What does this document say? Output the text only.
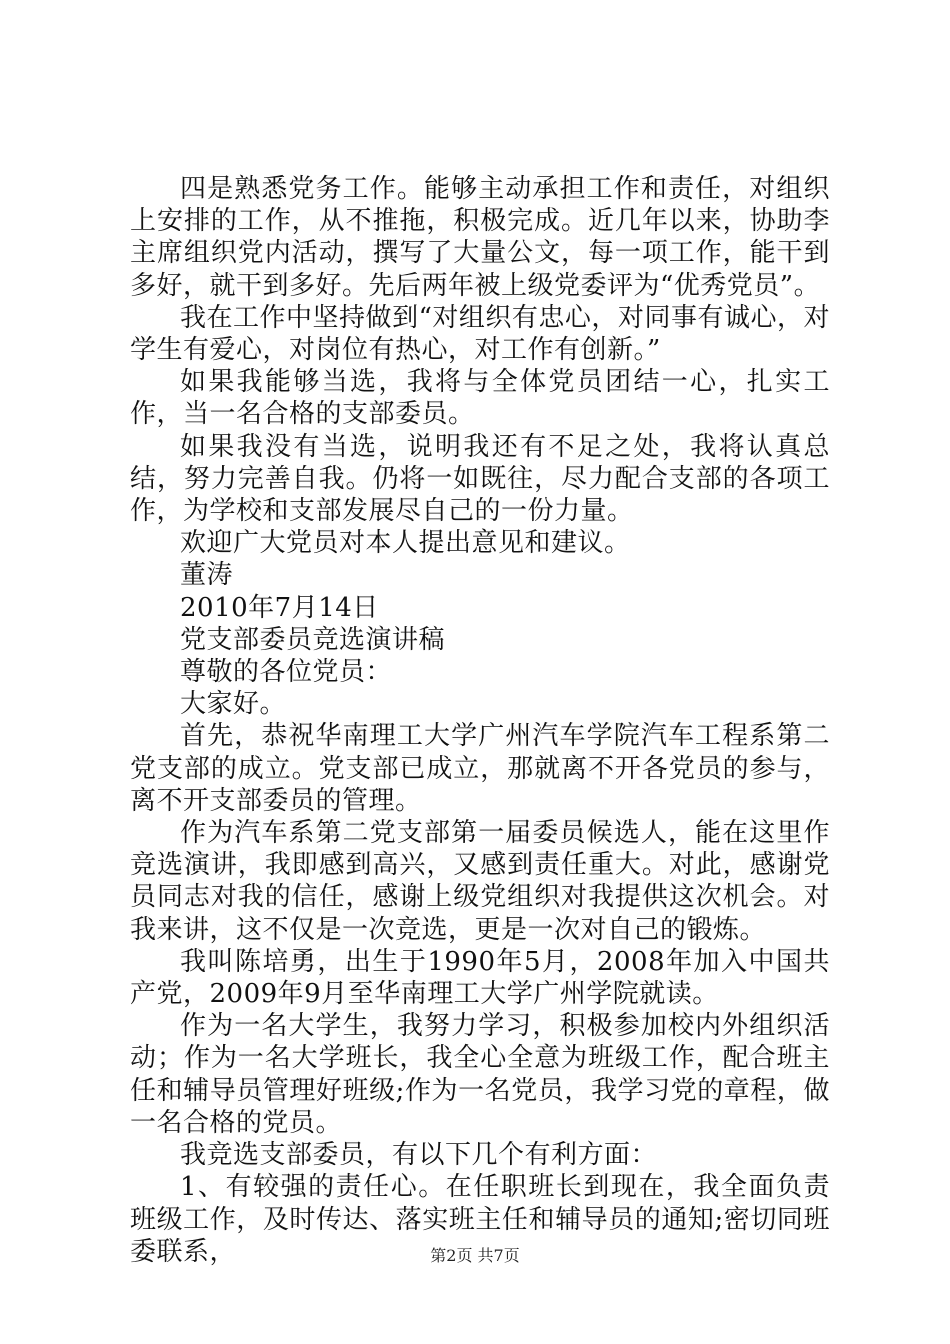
四是熟悉党务工作。能够主动承担工作和责任，对组织上安排的工作，从不推拖，积极完成。近几年以来，协助李主席组织党内活动，撰写了大量公文，每一项工作，能干到多好，就干到多好。先后两年被上级党委评为“优秀党员”。

我在工作中坚持做到“对组织有忠心，对同事有诚心，对学生有爱心，对岗位有热心，对工作有创新。”

如果我能够当选，我将与全体党员团结一心，扎实工作，当一名合格的支部委员。

如果我没有当选，说明我还有不足之处，我将认真总结，努力完善自我。仍将一如既往，尽力配合支部的各项工作，为学校和支部发展尽自己的一份力量。

欢迎广大党员对本人提出意见和建议。

董涛

2010年7月14日

党支部委员竞选演讲稿

尊敬的各位党员：

大家好。

首先，恭祝华南理工大学广州汽车学院汽车工程系第二党支部的成立。党支部已成立，那就离不开各党员的参与，离不开支部委员的管理。

作为汽车系第二党支部第一届委员候选人，能在这里作竞选演讲，我即感到高兴，又感到责任重大。对此，感谢党员同志对我的信任，感谢上级党组织对我提供这次机会。对我来讲，这不仅是一次竞选，更是一次对自己的锻炼。

我叫陈培勇，出生于1990年5月，2008年加入中国共产党，2009年9月至华南理工大学广州学院就读。

作为一名大学生，我努力学习，积极参加校内外组织活动；作为一名大学班长，我全心全意为班级工作，配合班主任和辅导员管理好班级;作为一名党员，我学习党的章程，做一名合格的党员。

我竞选支部委员，有以下几个有利方面：

1、有较强的责任心。在任职班长到现在，我全面负责班级工作，及时传达、落实班主任和辅导员的通知;密切同班委联系，	第2页 共7页
